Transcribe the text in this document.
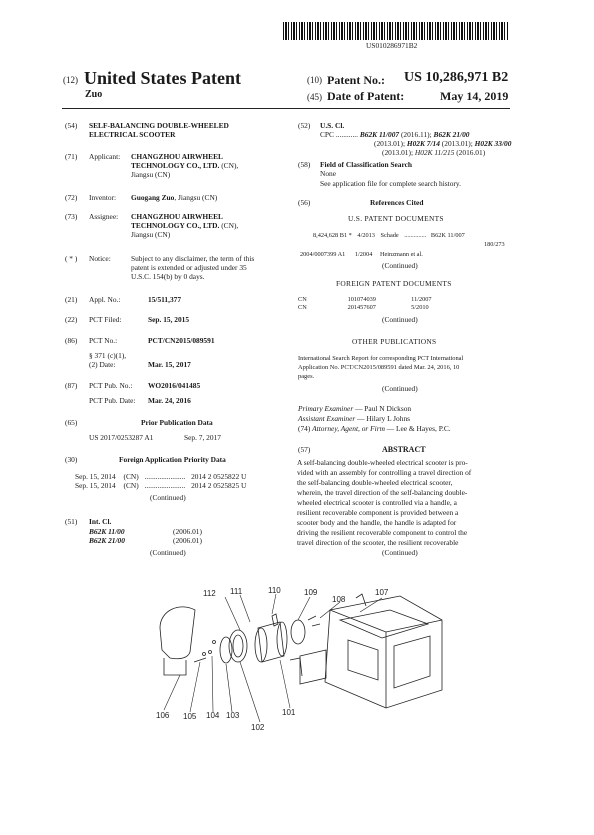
US010286971B2
(12) United States Patent
Zuo
(10) Patent No.: US 10,286,971 B2
(45) Date of Patent:	May 14, 2019
(54) SELF-BALANCING DOUBLE-WHEELED
ELECTRICAL SCOOTER
(71) Applicant: CHANGZHOU AIRWHEEL
TECHNOLOGY CO., LTD. (CN),
Jiangsu (CN)
(72) Inventor: Guogang Zuo, Jiangsu (CN)
(73) Assignee: CHANGZHOU AIRWHEEL
TECHNOLOGY CO., LTD. (CN),
Jiangsu (CN)
( * ) Notice:	Subject to any disclaimer, the term of this
patent is extended or adjusted under 35
U.S.C. 154(b) by 0 days.
(21) Appl. No.:	15/511,377
(22) PCT Filed:	Sep. 15, 2015
(86) PCT No.:	PCT/CN2015/089591
§ 371 (c)(1),
(2) Date:	Mar. 15, 2017
(87) PCT Pub. No.: WO2016/041485
PCT Pub. Date: Mar. 24, 2016
(65)	Prior Publication Data
US 2017/0253287 A1	Sep. 7, 2017
(30)	Foreign Application Priority Data
Sep. 15, 2014 (CN) ...................... 2014 2 0525822 U
Sep. 15, 2014 (CN) ...................... 2014 2 0525825 U
(Continued)
(51) Int. Cl.
B62K 11/00	(2006.01)
B62K 21/00	(2006.01)
(Continued)
(52) U.S. Cl.
CPC ............ B62K 11/007 (2016.11); B62K 21/00
(2013.01); H02K 7/14 (2013.01); H02K 33/00
(2013.01); H02K 11/215 (2016.01)
(58) Field of Classification Search
None
See application file for complete search history.
(56)	References Cited
U.S. PATENT DOCUMENTS
8,424,628 B1 * 4/2013 Schade .............. B62K 11/007
180/273
2004/0007399 A1 1/2004 Heinzmann et al.
(Continued)
FOREIGN PATENT DOCUMENTS
CN	101074039	11/2007
CN	201457607	5/2010
(Continued)
OTHER PUBLICATIONS
International Search Report for corresponding PCT International
Application No. PCT/CN2015/089591 dated Mar. 24, 2016, 10
pages.
(Continued)
Primary Examiner — Paul N Dickson
Assistant Examiner — Hilary L Johns
(74) Attorney, Agent, or Firm — Lee & Hayes, P.C.
(57)	ABSTRACT
A self-balancing double-wheeled electrical scooter is pro-
vided with an assembly for controlling a travel direction of
the self-balancing double-wheeled electrical scooter,
wherein, the travel direction of the self-balancing double-
wheeled electrical scooter is controlled via a handle, a
resilient recoverable component is provided between a
scooter body and the handle, the handle is adapted for
driving the resilient recoverable component to control the
travel direction of the scooter, the resilient recoverable
(Continued)
112 111	110	109
108
107
106 105 104 103
102
101
